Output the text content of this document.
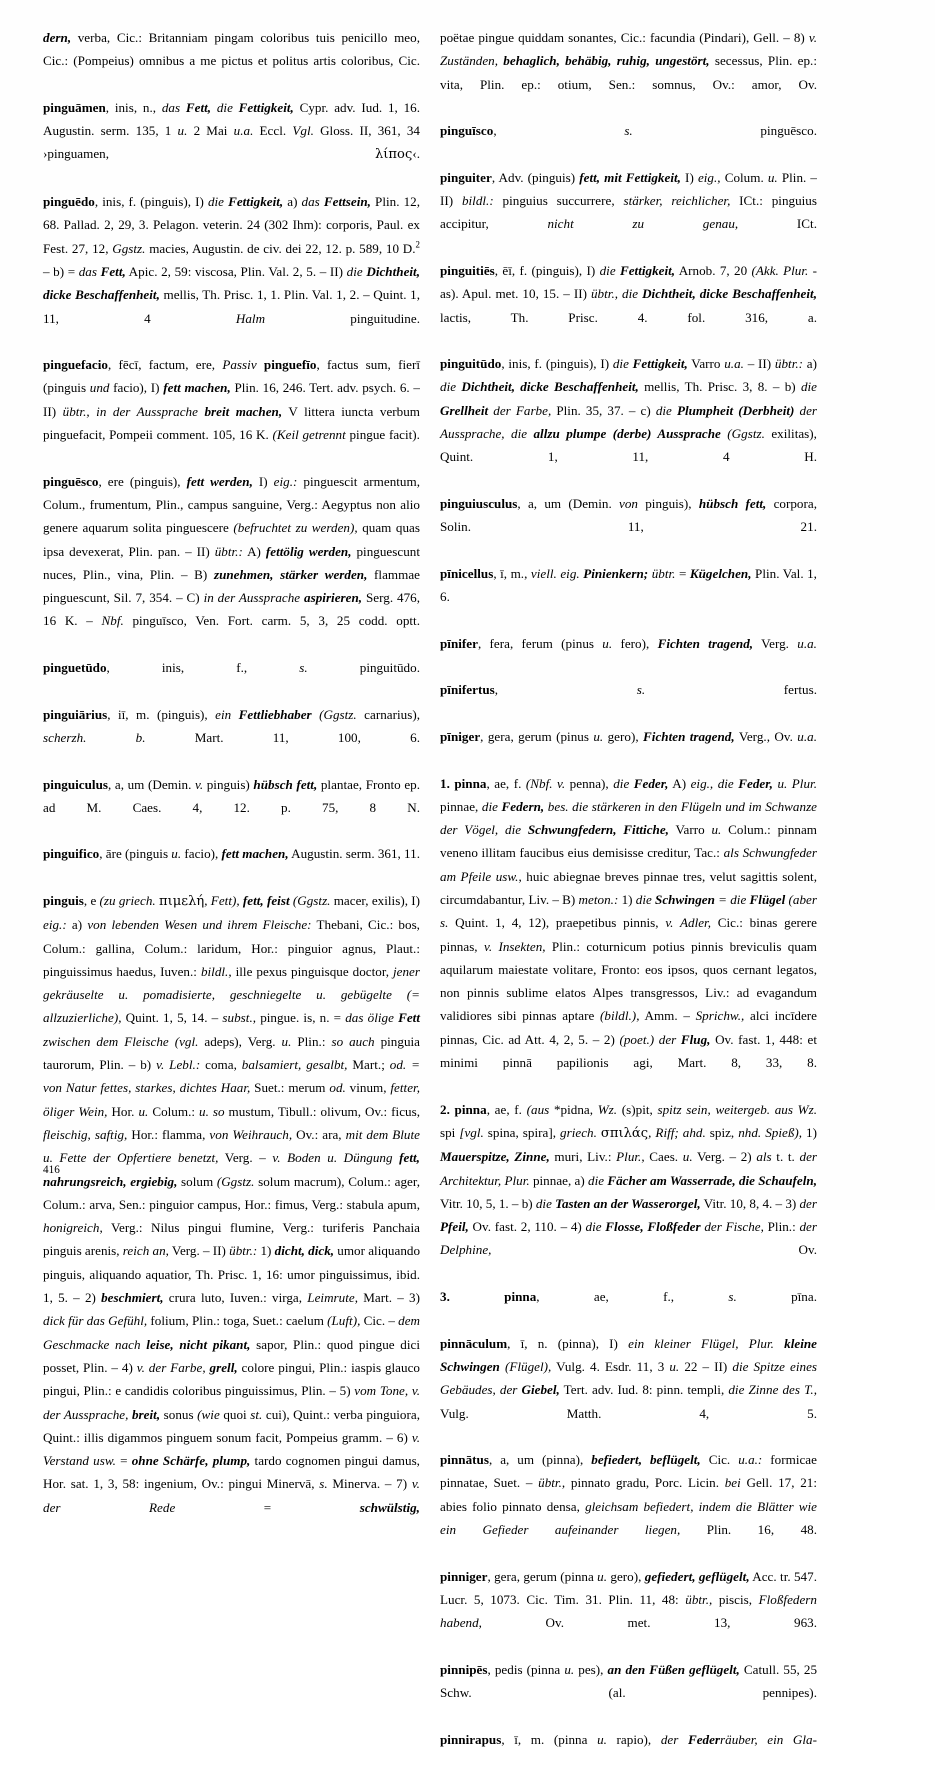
dern, verba, Cic.: Britanniam pingam coloribus tuis penicillo meo, Cic.: (Pompeius) omnibus a me pictus et politus artis coloribus, Cic.

pinguāmen, inis, n., das Fett, die Fettigkeit, Cypr. adv. Iud. 1, 16. Augustin. serm. 135, 1 u. 2 Mai u.a. Eccl. Vgl. Gloss. II, 361, 34 ›pinguamen, λίπος‹.

pinguēdo, inis, f. (pinguis), I) die Fettigkeit, a) das Fettsein, Plin. 12, 68. Pallad. 2, 29, 3. Pelagon. veterin. 24 (302 Ihm): corporis, Paul. ex Fest. 27, 12, Ggstz. macies, Augustin. de civ. dei 22, 12. p. 589, 10 D.$^2$ – b) = das Fett, Apic. 2, 59: viscosa, Plin. Val. 2, 5. – II) die Dichtheit, dicke Beschaffenheit, mellis, Th. Prisc. 1, 1. Plin. Val. 1, 2. – Quint. 1, 11, 4 Halm pinguitudine.

pinguefacio, fēcī, factum, ere, Passiv pinguefīo, factus sum, fierī (pinguis und facio), I) fett machen, Plin. 16, 246. Tert. adv. psych. 6. – II) übtr., in der Aussprache breit machen, V littera iuncta verbum pinguefacit, Pompeii comment. 105, 16 K. (Keil getrennt pingue facit).

pinguēsco, ere (pinguis), fett werden, I) eig.: pinguescit armentum, Colum., frumentum, Plin., campus sanguine, Verg.: Aegyptus non alio genere aquarum solita pinguescere (befruchtet zu werden), quam quas ipsa devexerat, Plin. pan. – II) übtr.: A) fettölig werden, pinguescunt nuces, Plin., vina, Plin. – B) zunehmen, stärker werden, flammae pinguescunt, Sil. 7, 354. – C) in der Aussprache aspirieren, Serg. 476, 16 K. – Nbf. pinguīsco, Ven. Fort. carm. 5, 3, 25 codd. optt.

pinguetūdo, inis, f., s. pinguitūdo.

pinguiārius, iī, m. (pinguis), ein Fettliebhaber (Ggstz. carnarius), scherzh. b. Mart. 11, 100, 6.

pinguiculus, a, um (Demin. v. pinguis) hübsch fett, plantae, Fronto ep. ad M. Caes. 4, 12. p. 75, 8 N.

pinguifico, āre (pinguis u. facio), fett machen, Augustin. serm. 361, 11.

pinguis, e (zu griech. πιμελή, Fett), fett, feist (Ggstz. macer, exilis), I) eig.: a) von lebenden Wesen und ihrem Fleische: Thebani, Cic.: bos, Colum.: gallina, Colum.: laridum, Hor.: pinguior agnus, Plaut.: pinguissimus haedus, Iuven.: bildl., ille pexus pinguisque doctor, jener gekräuselte u. pomadisierte, geschniegelte u. gebügelte (= allzuzierliche), Quint. 1, 5, 14. – subst., pingue. is, n. = das ölige Fett zwischen dem Fleische (vgl. adeps), Verg. u. Plin.: so auch pinguia taurorum, Plin. – b) v. Lebl.: coma, balsamiert, gesalbt, Mart.; od. = von Natur fettes, starkes, dichtes Haar, Suet.: merum od. vinum, fetter, öliger Wein, Hor. u. Colum.: u. so mustum, Tibull.: olivum, Ov.: ficus, fleischig, saftig, Hor.: flamma, von Weihrauch, Ov.: ara, mit dem Blute u. Fette der Opfertiere benetzt, Verg. – v. Boden u. Düngung fett, nahrungsreich, ergiebig, solum (Ggstz. solum macrum), Colum.: ager, Colum.: arva, Sen.: pinguior campus, Hor.: fimus, Verg.: stabula apum, honigreich, Verg.: Nilus pingui flumine, Verg.: turiferis Panchaia pinguis arenis, reich an, Verg. – II) übtr.: 1) dicht, dick, umor aliquando pinguis, aliquando aquatior, Th. Prisc. 1, 16: umor pinguissimus, ibid. 1, 5. – 2) beschmiert, crura luto, Iuven.: virga, Leimrute, Mart. – 3) dick für das Gefühl, folium, Plin.: toga, Suet.: caelum (Luft), Cic. – dem Geschmacke nach leise, nicht pikant, sapor, Plin.: quod pingue dici posset, Plin. – 4) v. der Farbe, grell, colore pingui, Plin.: iaspis glauco pingui, Plin.: e candidis coloribus pinguissimus, Plin. – 5) vom Tone, v. der Aussprache, breit, sonus (wie quoi st. cui), Quint.: verba pinguiora, Quint.: illis digammos pinguem sonum facit, Pompeius gramm. – 6) v. Verstand usw. = ohne Schärfe, plump, tardo cognomen pingui damus, Hor. sat. 1, 3, 58: ingenium, Ov.: pingui Minervā, s. Minerva. – 7) v. der Rede = schwülstig,

poëtae pingue quiddam sonantes, Cic.: facundia (Pindari), Gell. – 8) v. Zuständen, behaglich, behäbig, ruhig, ungestört, secessus, Plin. ep.: vita, Plin. ep.: otium, Sen.: somnus, Ov.: amor, Ov.

pinguīsco, s. pinguēsco.

pinguiter, Adv. (pinguis) fett, mit Fettigkeit, I) eig., Colum. u. Plin. – II) bildl.: pinguius succurrere, stärker, reichlicher, ICt.: pinguius accipitur, nicht zu genau, ICt.

pinguitiēs, ēī, f. (pinguis), I) die Fettigkeit, Arnob. 7, 20 (Akk. Plur. -as). Apul. met. 10, 15. – II) übtr., die Dichtheit, dicke Beschaffenheit, lactis, Th. Prisc. 4. fol. 316, a.

pinguitūdo, inis, f. (pinguis), I) die Fettigkeit, Varro u.a. – II) übtr.: a) die Dichtheit, dicke Beschaffenheit, mellis, Th. Prisc. 3, 8. – b) die Grellheit der Farbe, Plin. 35, 37. – c) die Plumpheit (Derbheit) der Aussprache, die allzu plumpe (derbe) Aussprache (Ggstz. exilitas), Quint. 1, 11, 4 H.

pinguiusculus, a, um (Demin. von pinguis), hübsch fett, corpora, Solin. 11, 21.

pīnicellus, ī, m., viell. eig. Pinienkern; übtr. = Kügelchen, Plin. Val. 1, 6.

pīnifer, fera, ferum (pinus u. fero), Fichten tragend, Verg. u.a.

pīnifertus, s. fertus.

pīniger, gera, gerum (pinus u. gero), Fichten tragend, Verg., Ov. u.a.

1. pinna, ae, f. (Nbf. v. penna), die Feder, A) eig., die Feder, u. Plur. pinnae, die Federn, bes. die stärkeren in den Flügeln und im Schwanze der Vögel, die Schwungfedern, Fittiche, Varro u. Colum.: pinnam veneno illitam faucibus eius demisisse creditur, Tac.: als Schwungfeder am Pfeile usw., huic abiegnae breves pinnae tres, velut sagittis solent, circumdabantur, Liv. – B) meton.: 1) die Schwingen = die Flügel (aber s. Quint. 1, 4, 12), praepetibus pinnis, v. Adler, Cic.: binas gerere pinnas, v. Insekten, Plin.: coturnicum potius pinnis breviculis quam aquilarum maiestate volitare, Fronto: eos ipsos, quos cernant legatos, non pinnis sublime elatos Alpes transgressos, Liv.: ad evagandum validiores sibi pinnas aptare (bildl.), Amm. – Sprichw., alci incīdere pinnas, Cic. ad Att. 4, 2, 5. – 2) (poet.) der Flug, Ov. fast. 1, 448: et minimi pinnā papilionis agi, Mart. 8, 33, 8.

2. pinna, ae, f. (aus *pidna, Wz. (s)pit, spitz sein, weitergeb. aus Wz. spi [vgl. spina, spira], griech. σπιλάς, Riff; ahd. spiz, nhd. Spieß), 1) Mauerspitze, Zinne, muri, Liv.: Plur., Caes. u. Verg. – 2) als t. t. der Architektur, Plur. pinnae, a) die Fächer am Wasserrade, die Schaufeln, Vitr. 10, 5, 1. – b) die Tasten an der Wasserorgel, Vitr. 10, 8, 4. – 3) der Pfeil, Ov. fast. 2, 110. – 4) die Flosse, Floßfeder der Fische, Plin.: der Delphine, Ov.

3. pinna, ae, f., s. pīna.

pinnāculum, ī, n. (pinna), I) ein kleiner Flügel, Plur. kleine Schwingen (Flügel), Vulg. 4. Esdr. 11, 3 u. 22 – II) die Spitze eines Gebäudes, der Giebel, Tert. adv. Iud. 8: pinn. templi, die Zinne des T., Vulg. Matth. 4, 5.

pinnātus, a, um (pinna), befiedert, beflügelt, Cic. u.a.: formicae pinnatae, Suet. – übtr., pinnato gradu, Porc. Licin. bei Gell. 17, 21: abies folio pinnato densa, gleichsam befiedert, indem die Blätter wie ein Gefieder aufeinander liegen, Plin. 16, 48.

pinniger, gera, gerum (pinna u. gero), gefiedert, geflügelt, Acc. tr. 547. Lucr. 5, 1073. Cic. Tim. 31. Plin. 11, 48: übtr., piscis, Floßfedern habend, Ov. met. 13, 963.

pinnipēs, pedis (pinna u. pes), an den Füßen geflügelt, Catull. 55, 25 Schw. (al. pennipes).

pinnirapus, ī, m. (pinna u. rapio), der Federräuber, ein Gla-

416
